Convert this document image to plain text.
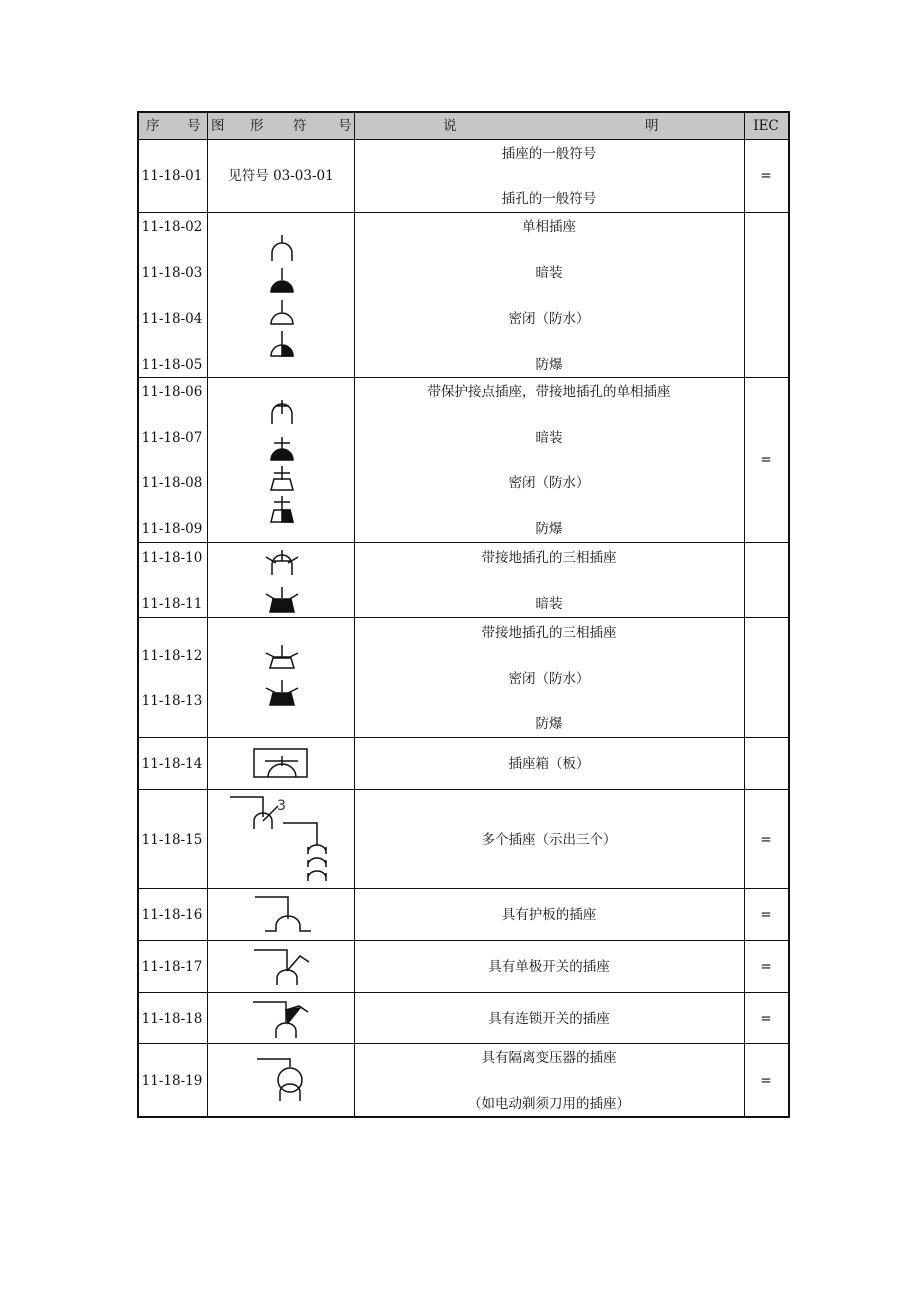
序 号 图 形 符 号	说	明	IEC
11-18-01 见符号 03-03-01
插座的一般符号
插孔的一般符号
=
11-18-02
11-18-03
11-18-04
11-18-05
单相插座
暗装
密闭（防水）
防爆
11-18-06
11-18-07
11-18-08
11-18-09
带保护接点插座，带接地插孔的单相插座
暗装
密闭（防水）
防爆
=
11-18-10
11-18-11
带接地插孔的三相插座
暗装
11-18-12
11-18-13
带接地插孔的三相插座
密闭（防水）
防爆
11-18-14	插座箱（板）
11-18-15	多个插座（示出三个）	=
3
11-18-16	具有护板的插座	=
11-18-17	具有单极开关的插座	=
11-18-18	具有连锁开关的插座	=
11-18-19
具有隔离变压器的插座
（如电动剃须刀用的插座）
=
